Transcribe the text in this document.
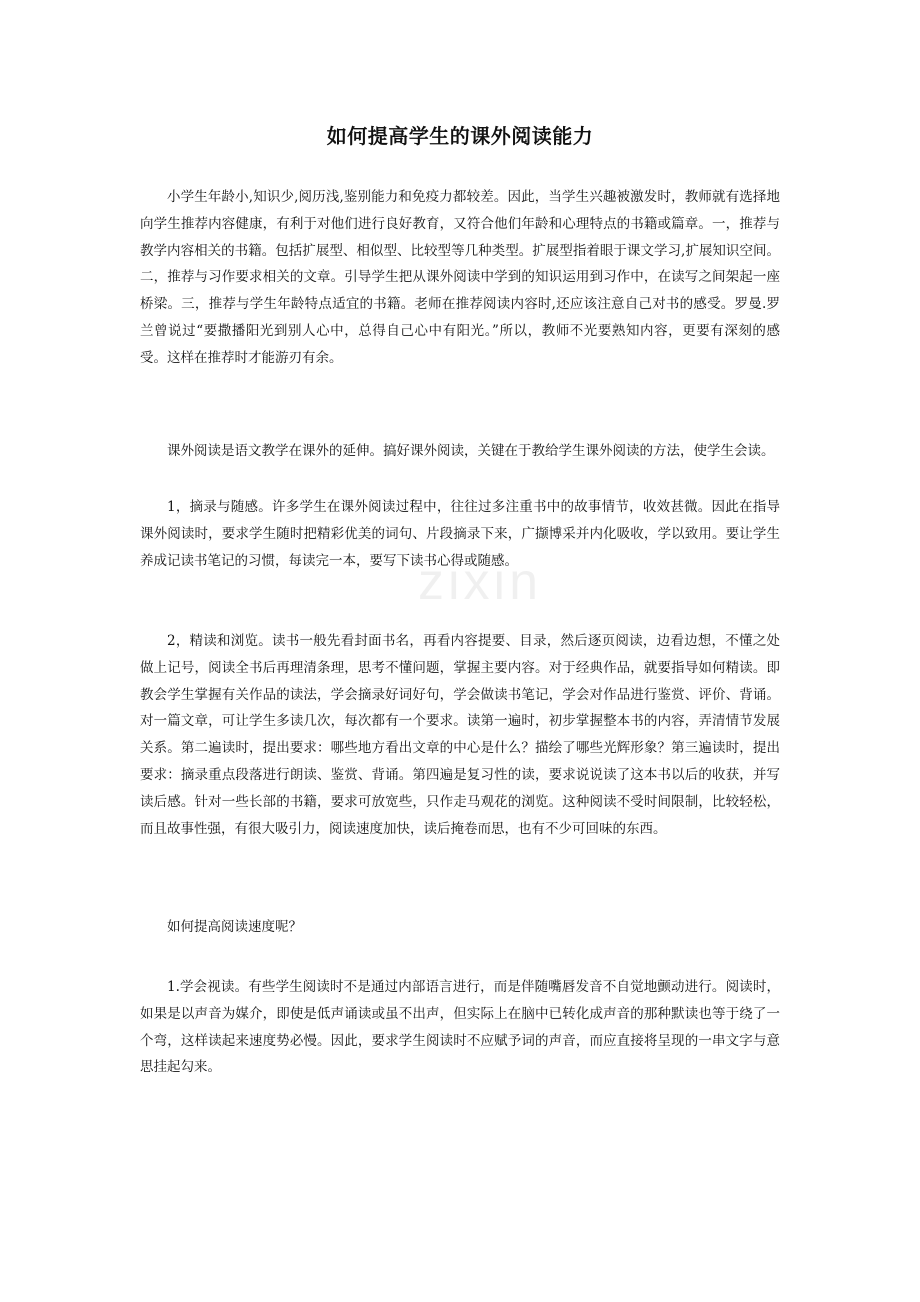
zixin
如何提高学生的课外阅读能力

小学生年龄小,知识少,阅历浅,鉴别能力和免疫力都较差。因此，当学生兴趣被激发时，教师就有选择地向学生推荐内容健康，有利于对他们进行良好教育，又符合他们年龄和心理特点的书籍或篇章。一，推荐与教学内容相关的书籍。包括扩展型、相似型、比较型等几种类型。扩展型指着眼于课文学习,扩展知识空间。二，推荐与习作要求相关的文章。引导学生把从课外阅读中学到的知识运用到习作中，在读写之间架起一座桥梁。三，推荐与学生年龄特点适宜的书籍。老师在推荐阅读内容时,还应该注意自己对书的感受。罗曼.罗兰曾说过“要撒播阳光到别人心中，总得自己心中有阳光。”所以，教师不光要熟知内容，更要有深刻的感受。这样在推荐时才能游刃有余。

课外阅读是语文教学在课外的延伸。搞好课外阅读，关键在于教给学生课外阅读的方法，使学生会读。

1，摘录与随感。许多学生在课外阅读过程中，往往过多注重书中的故事情节，收效甚微。因此在指导课外阅读时，要求学生随时把精彩优美的词句、片段摘录下来，广撷博采并内化吸收，学以致用。要让学生养成记读书笔记的习惯，每读完一本，要写下读书心得或随感。

2，精读和浏览。读书一般先看封面书名，再看内容提要、目录，然后逐页阅读，边看边想，不懂之处做上记号，阅读全书后再理清条理，思考不懂问题，掌握主要内容。对于经典作品，就要指导如何精读。即教会学生掌握有关作品的读法，学会摘录好词好句，学会做读书笔记，学会对作品进行鉴赏、评价、背诵。对一篇文章，可让学生多读几次，每次都有一个要求。读第一遍时，初步掌握整本书的内容，弄清情节发展关系。第二遍读时，提出要求：哪些地方看出文章的中心是什么？描绘了哪些光辉形象？第三遍读时，提出要求：摘录重点段落进行朗读、鉴赏、背诵。第四遍是复习性的读，要求说说读了这本书以后的收获，并写读后感。针对一些长部的书籍，要求可放宽些，只作走马观花的浏览。这种阅读不受时间限制，比较轻松，而且故事性强，有很大吸引力，阅读速度加快，读后掩卷而思，也有不少可回味的东西。

如何提高阅读速度呢？

1.学会视读。有些学生阅读时不是通过内部语言进行，而是伴随嘴唇发音不自觉地颤动进行。阅读时，如果是以声音为媒介，即使是低声诵读或虽不出声，但实际上在脑中已转化成声音的那种默读也等于绕了一个弯，这样读起来速度势必慢。因此，要求学生阅读时不应赋予词的声音，而应直接将呈现的一串文字与意思挂起勾来。
